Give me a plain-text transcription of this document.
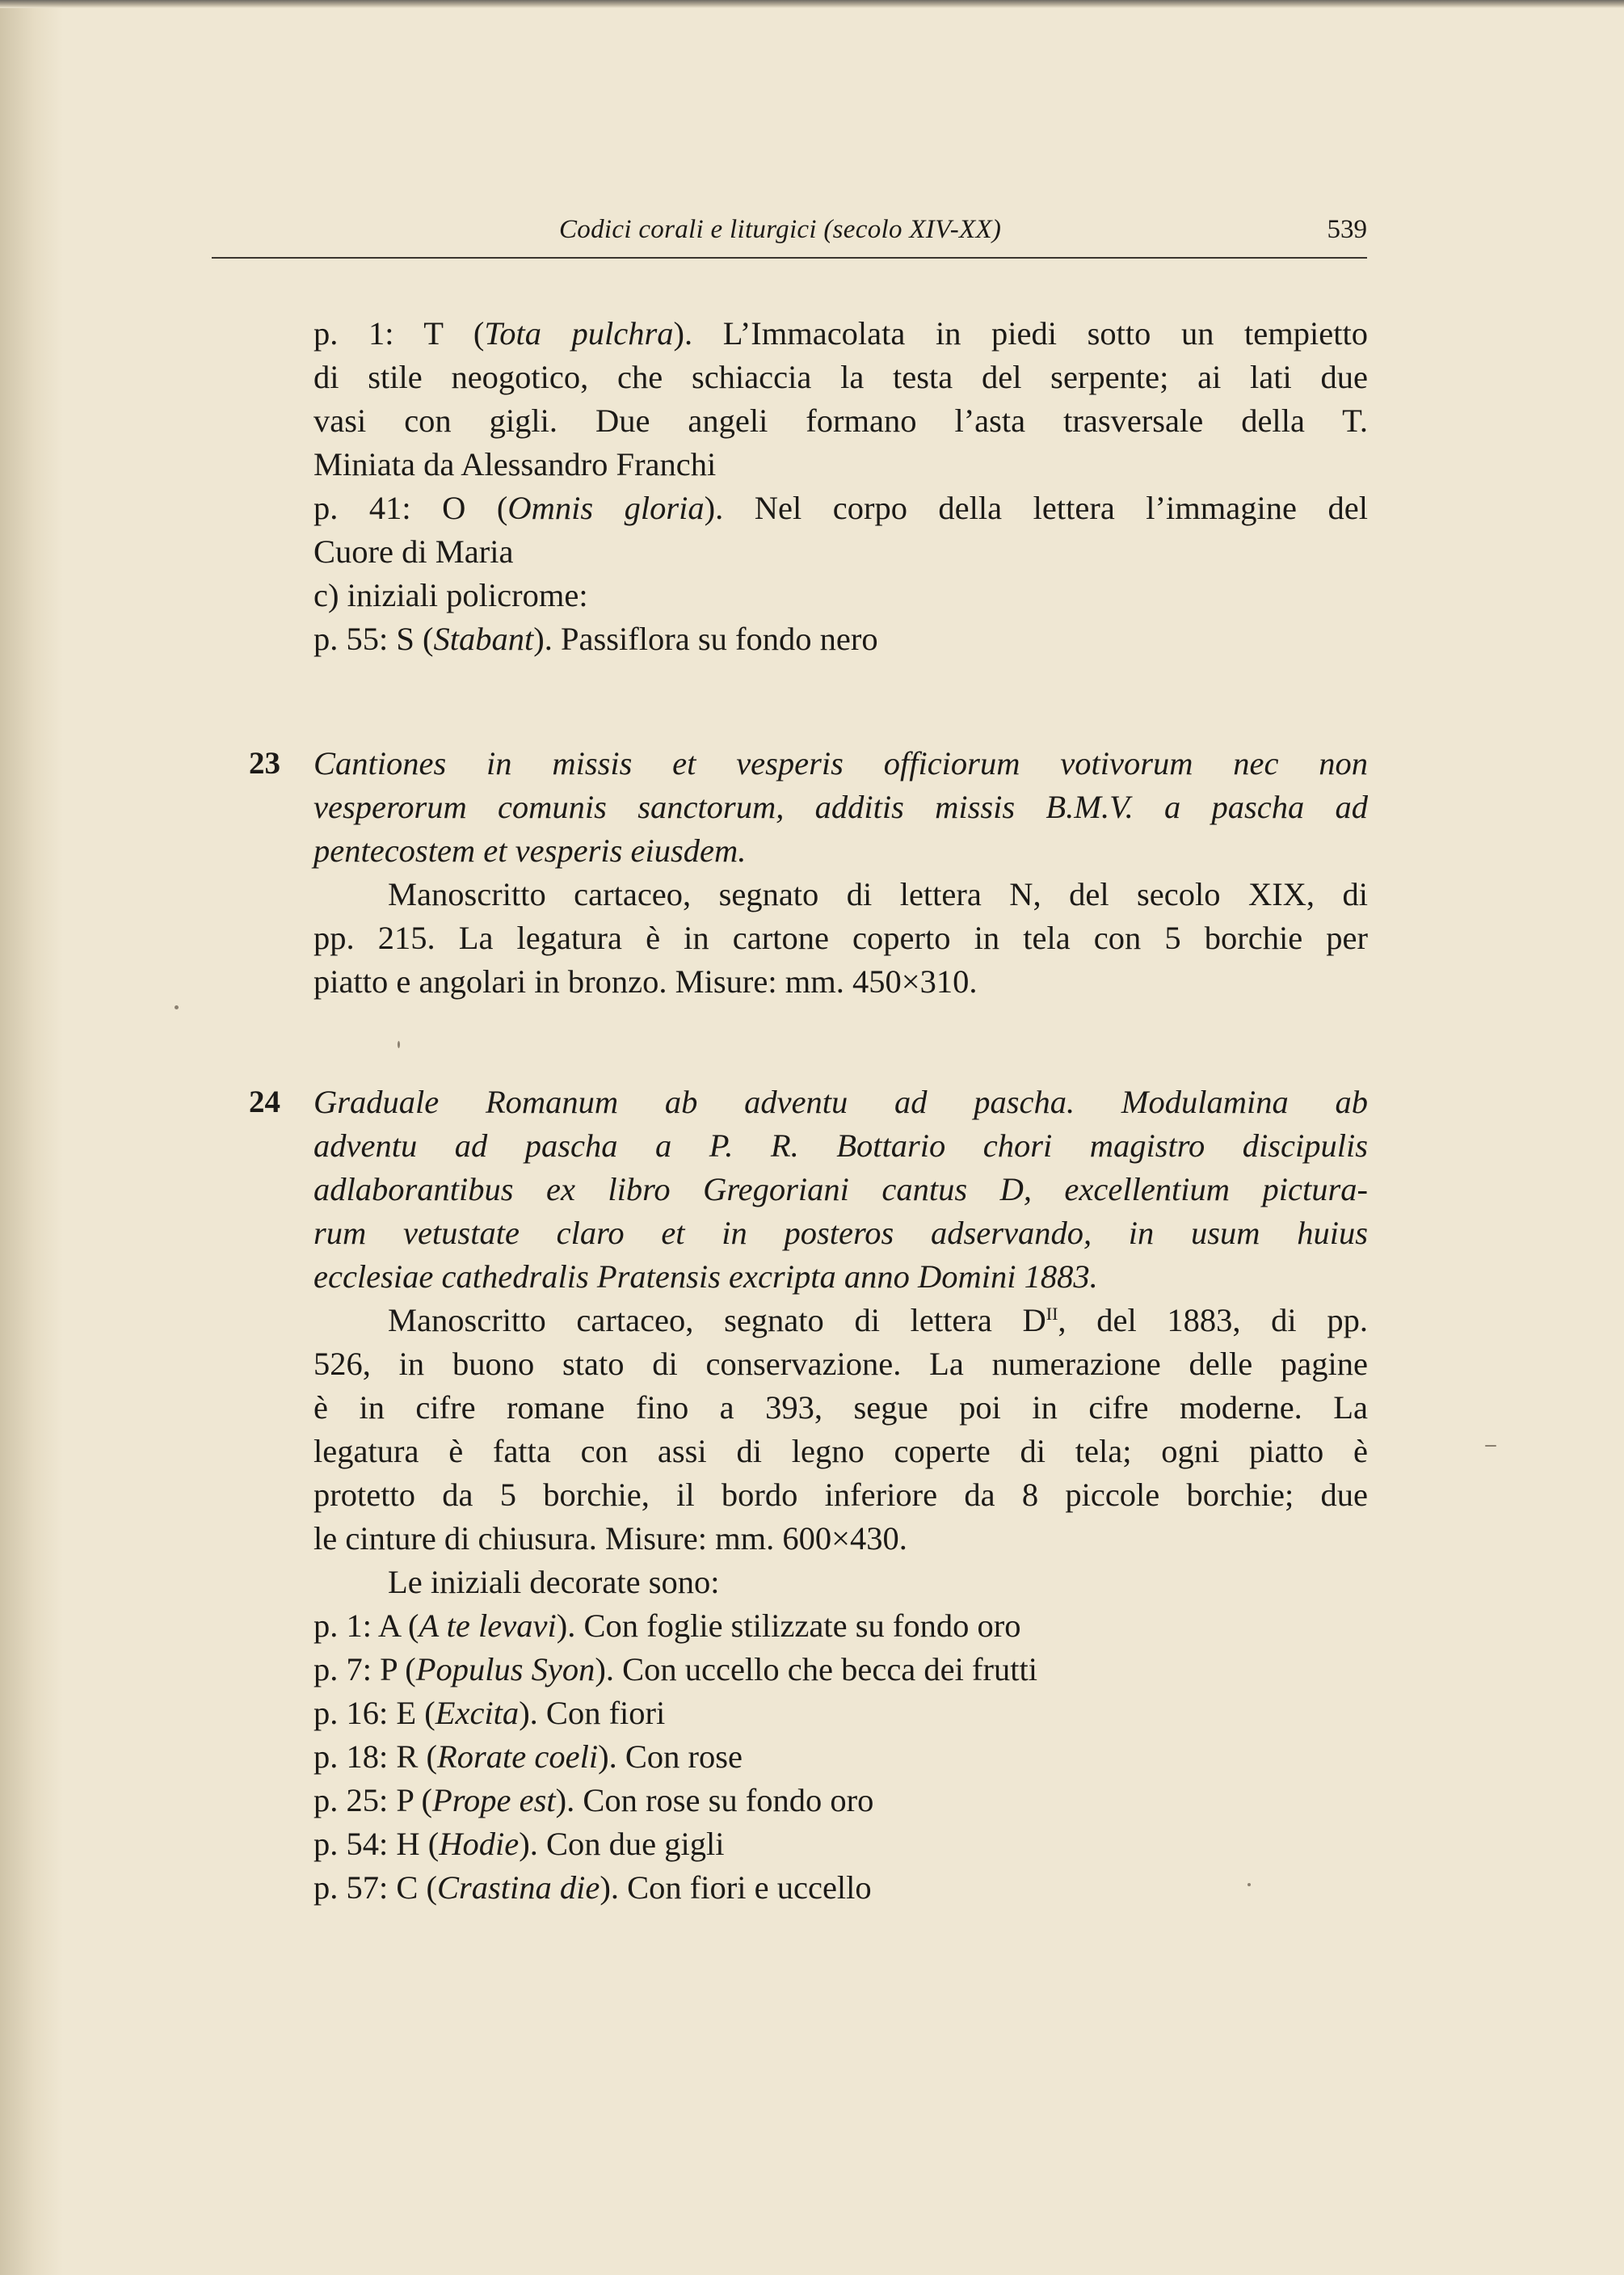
Codici corali e liturgici (secolo XIV-XX)	539
p. 1: T (Tota pulchra). L’Immacolata in piedi sotto un tempietto
di stile neogotico, che schiaccia la testa del serpente; ai lati due
vasi con gigli. Due angeli formano l’asta trasversale della T.
Miniata da Alessandro Franchi
p. 41: O (Omnis gloria). Nel corpo della lettera l’immagine del
Cuore di Maria
c) iniziali policrome:
p. 55: S (Stabant). Passiflora su fondo nero
23 Cantiones in missis et vesperis officiorum votivorum nec non
vesperorum comunis sanctorum, additis missis B.M.V. a pascha ad
pentecostem et vesperis eiusdem.
Manoscritto cartaceo, segnato di lettera N, del secolo XIX, di
pp. 215. La legatura è in cartone coperto in tela con 5 borchie per
piatto e angolari in bronzo. Misure: mm. 450×310.
24 Graduale Romanum ab adventu ad pascha. Modulamina ab
adventu ad pascha a P. R. Bottario chori magistro discipulis
adlaborantibus ex libro Gregoriani cantus D, excellentium pictura-
rum vetustate claro et in posteros adservando, in usum huius
ecclesiae cathedralis Pratensis excripta anno Domini 1883.
Manoscritto cartaceo, segnato di lettera $D^{II}$, del 1883, di pp.
526, in buono stato di conservazione. La numerazione delle pagine
è in cifre romane fino a 393, segue poi in cifre moderne. La
legatura è fatta con assi di legno coperte di tela; ogni piatto è
protetto da 5 borchie, il bordo inferiore da 8 piccole borchie; due
le cinture di chiusura. Misure: mm. 600×430.
Le iniziali decorate sono:
p. 1: A (A te levavi). Con foglie stilizzate su fondo oro
p. 7: P (Populus Syon). Con uccello che becca dei frutti
p. 16: E (Excita). Con fiori
p. 18: R (Rorate coeli). Con rose
p. 25: P (Prope est). Con rose su fondo oro
p. 54: H (Hodie). Con due gigli
p. 57: C (Crastina die). Con fiori e uccello
